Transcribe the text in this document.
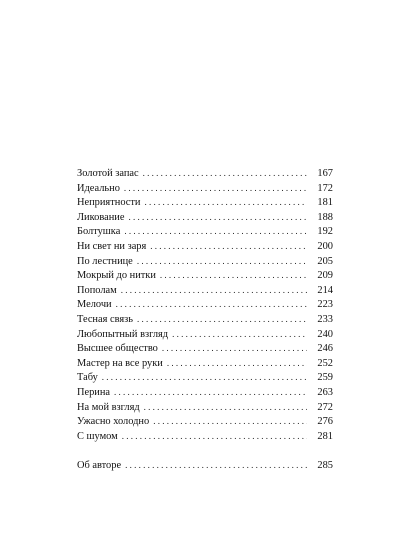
Золотой запас . . .	167
Идеально . . .	172
Неприятности . . .	181
Ликование . . .	188
Болтушка . . .	192
Ни свет ни заря . . .	200
По лестнице . . .	205
Мокрый до нитки . . .	209
Пополам . . .	214
Мелочи . . .	223
Тесная связь . . .	233
Любопытный взгляд . . .	240
Высшее общество . . .	246
Мастер на все руки . . .	252
Табу . . .	259
Перина . . .	263
На мой взгляд . . .	272
Ужасно холодно . . .	276
С шумом . . .	281
Об авторе . . .	285
